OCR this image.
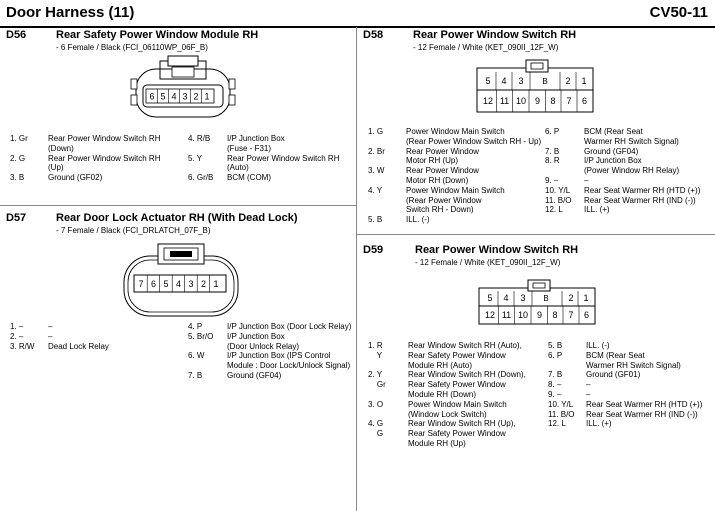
Door Harness (11)	CV50-11
D56	Rear Safety Power Window Module RH
- 6 Female / Black (FCI_06110WP_06F_B)
6 5 4 3 2 1
1. Gr	Rear Power Window Switch RH
(Down)
2. G	Rear Power Window Switch RH
(Up)
3. B	Ground (GF02)
4. R/B	I/P Junction Box
(Fuse - F31)
5. Y	Rear Power Window Switch RH
(Auto)
6. Gr/B	BCM (COM)
D57	Rear Door Lock Actuator RH (With Dead Lock)
- 7 Female / Black (FCI_DRLATCH_07F_B)
7 6 5 4 3 2 1
1. –	–
2. –	–
3. R/W	Dead Lock Relay
4. P	I/P Junction Box (Door Lock Relay)
5. Br/O	I/P Junction Box
(Door Unlock Relay)
6. W	I/P Junction Box (IPS Control
Module : Door Lock/Unlock Signal)
7. B	Ground (GF04)
D58	Rear Power Window Switch RH
- 12 Female / White (KET_090II_12F_W)
5 4 3 B 2 1
12 11 10 9 8 7 6
1. G	Power Window Main Switch
(Rear Power Window Switch RH - Up)
2. Br	Rear Power Window
Motor RH (Up)
3. W	Rear Power Window
Motor RH (Down)
4. Y	Power Window Main Switch
(Rear Power Window
Switch RH - Down)
5. B	ILL. (-)
6. P	BCM (Rear Seat
Warmer RH Switch Signal)
7. B	Ground (GF04)
8. R	I/P Junction Box
(Power Window RH Relay)
9. –	–
10. Y/L	Rear Seat Warmer RH (HTD (+))
11. B/O	Rear Seat Warmer RH (IND (-))
12. L	ILL. (+)
D59	Rear Power Window Switch RH
- 12 Female / White (KET_090II_12F_W)
5 4 3 B 2 1
12 11 10 9 8 7 6
1. R	Rear Window Switch RH (Auto),
Y	Rear Safety Power Window
Module RH (Auto)
2. Y	Rear Window Switch RH (Down),
Gr	Rear Safety Power Window
Module RH (Down)
3. O	Power Window Main Switch
(Window Lock Switch)
4. G	Rear Window Switch RH (Up),
G	Rear Safety Power Window
Module RH (Up)
5. B	ILL. (-)
6. P	BCM (Rear Seat
Warmer RH Switch Signal)
7. B	Ground (GF01)
8. –	–
9. –	–
10. Y/L	Rear Seat Warmer RH (HTD (+))
11. B/O	Rear Seat Warmer RH (IND (-))
12. L	ILL. (+)
